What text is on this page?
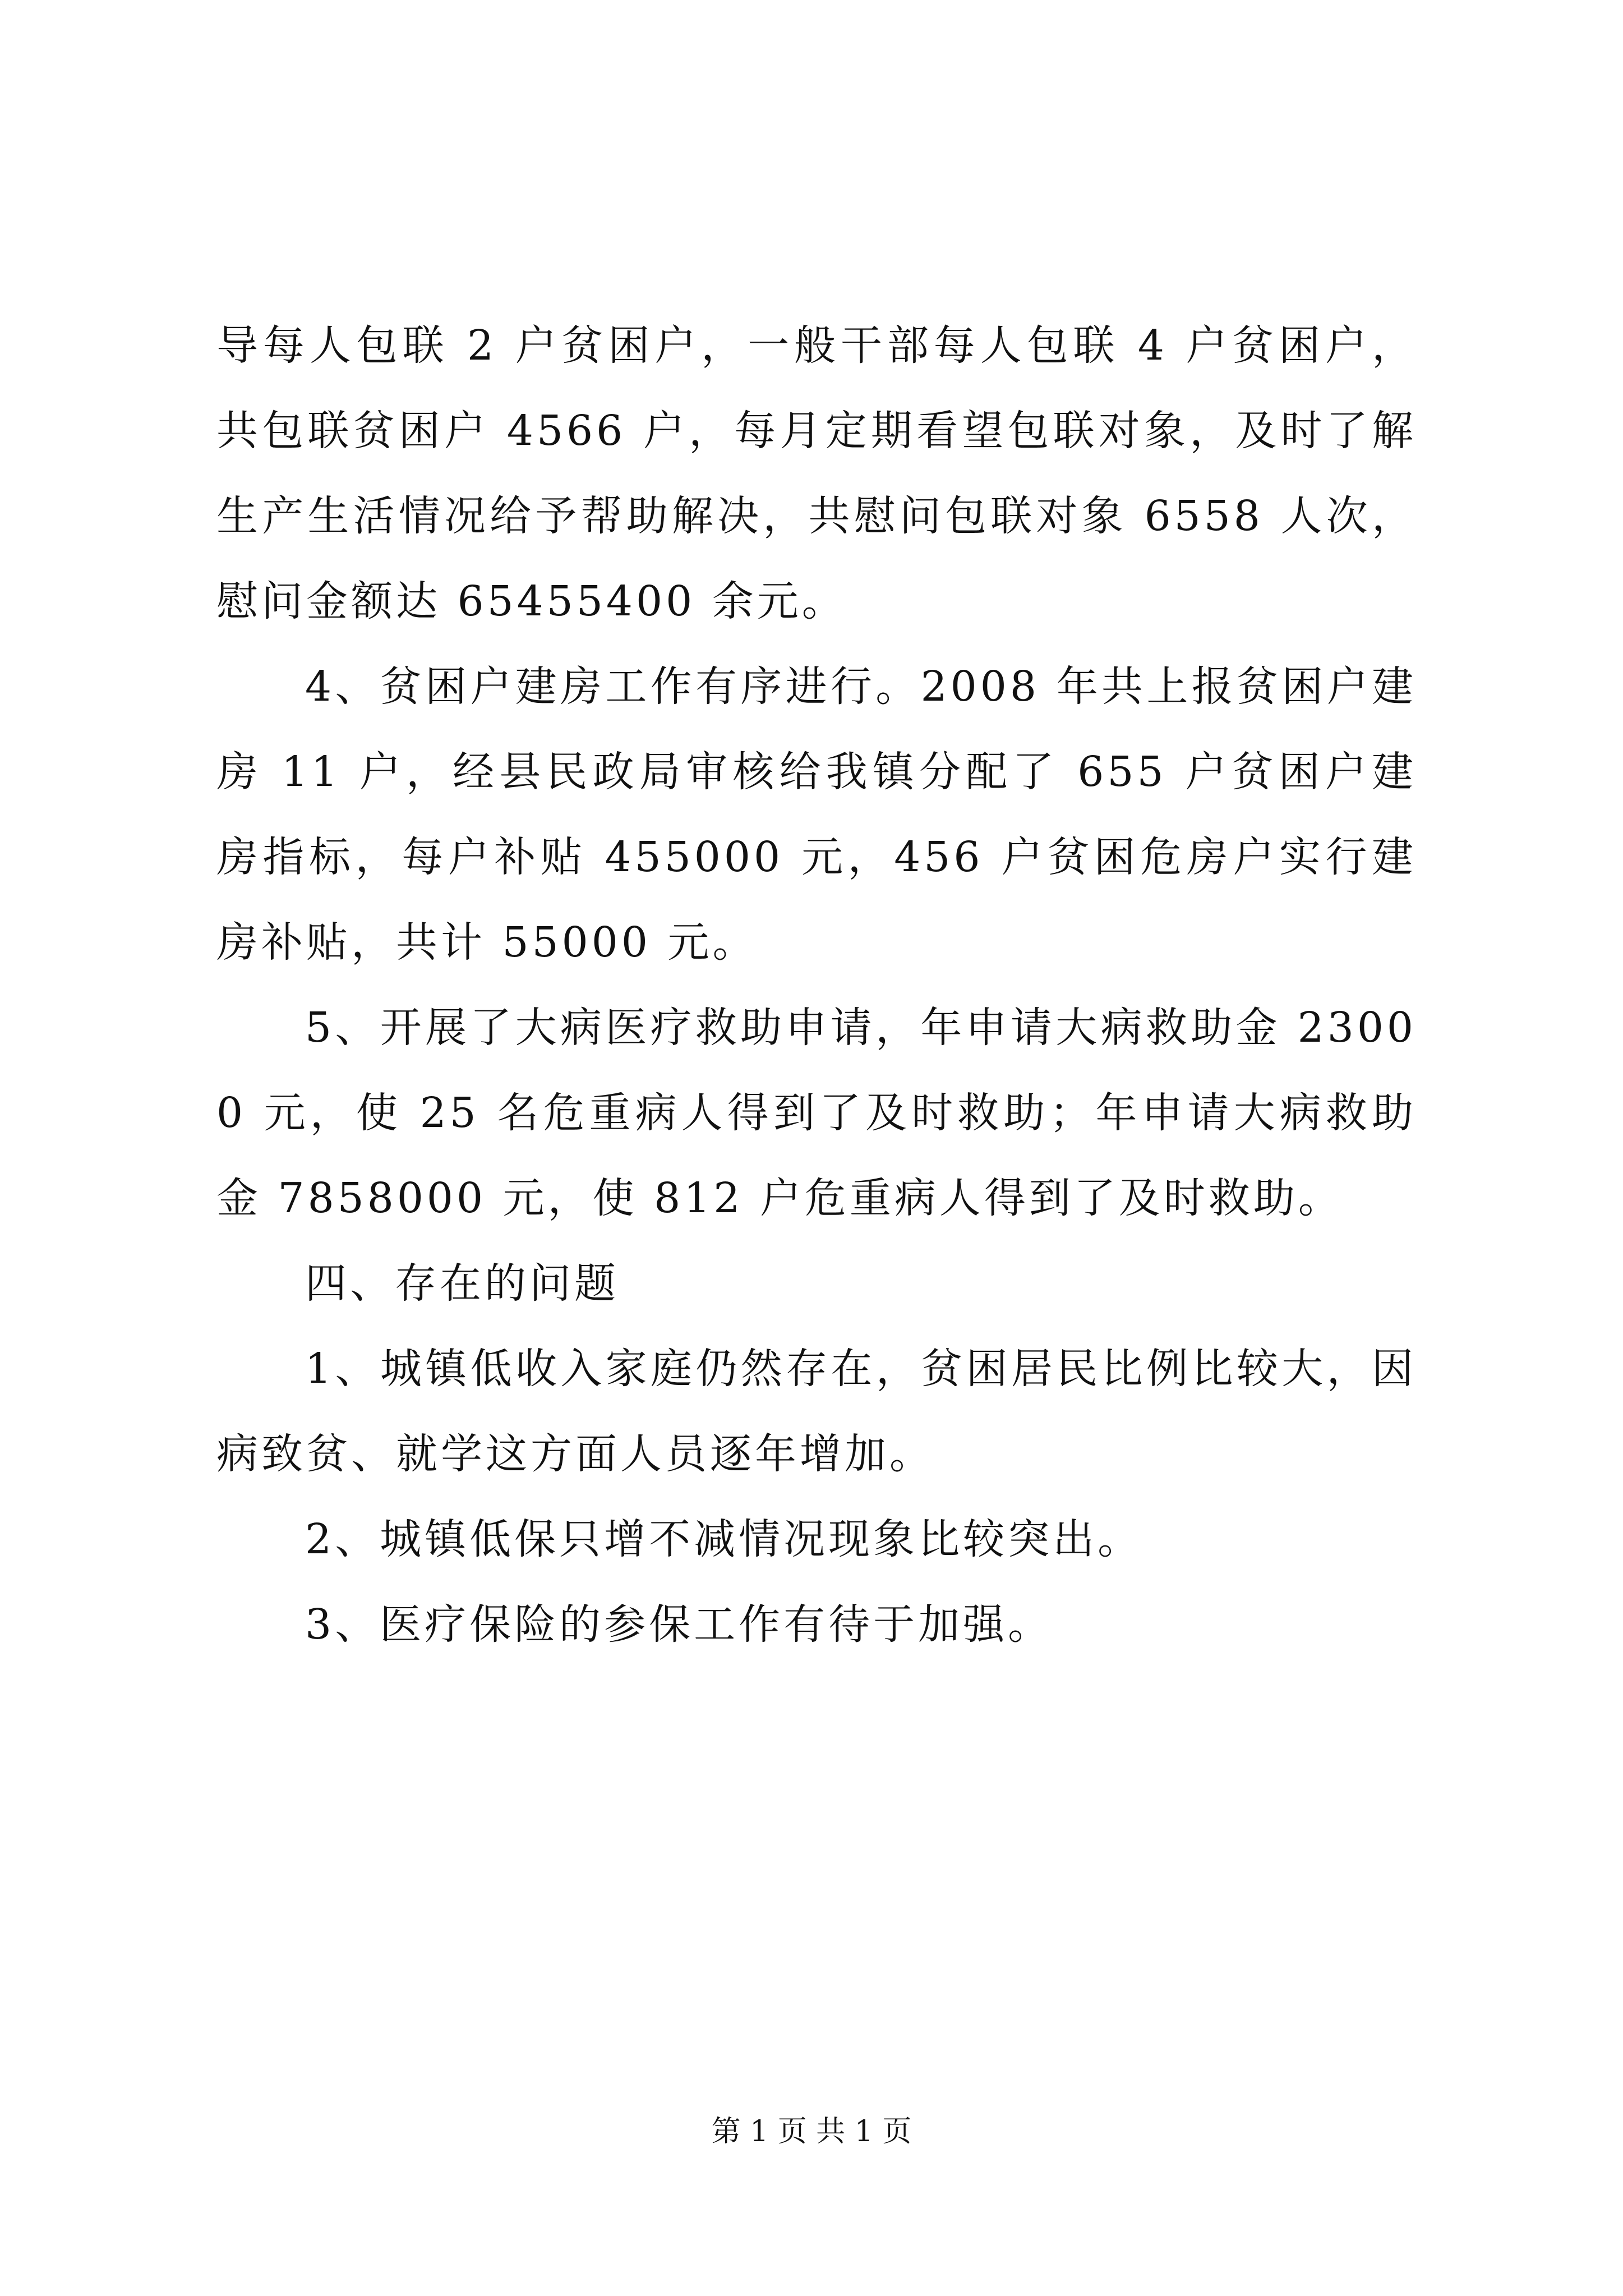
导每人包联 2 户贫困户，一般干部每人包联 4 户贫困户，共包联贫困户 4566 户，每月定期看望包联对象，及时了解生产生活情况给予帮助解决，共慰问包联对象 6558 人次，慰问金额达 65455400 余元。

4、贫困户建房工作有序进行。2008 年共上报贫困户建房 11 户，经县民政局审核给我镇分配了 655 户贫困户建房指标，每户补贴 455000 元，456 户贫困危房户实行建房补贴，共计 55000 元。

5、开展了大病医疗救助申请，年申请大病救助金 23000 元，使 25 名危重病人得到了及时救助；年申请大病救助金 7858000 元，使 812 户危重病人得到了及时救助。

四、存在的问题

1、城镇低收入家庭仍然存在，贫困居民比例比较大，因病致贫、就学这方面人员逐年增加。

2、城镇低保只增不减情况现象比较突出。

3、医疗保险的参保工作有待于加强。

第 1 页 共 1 页
